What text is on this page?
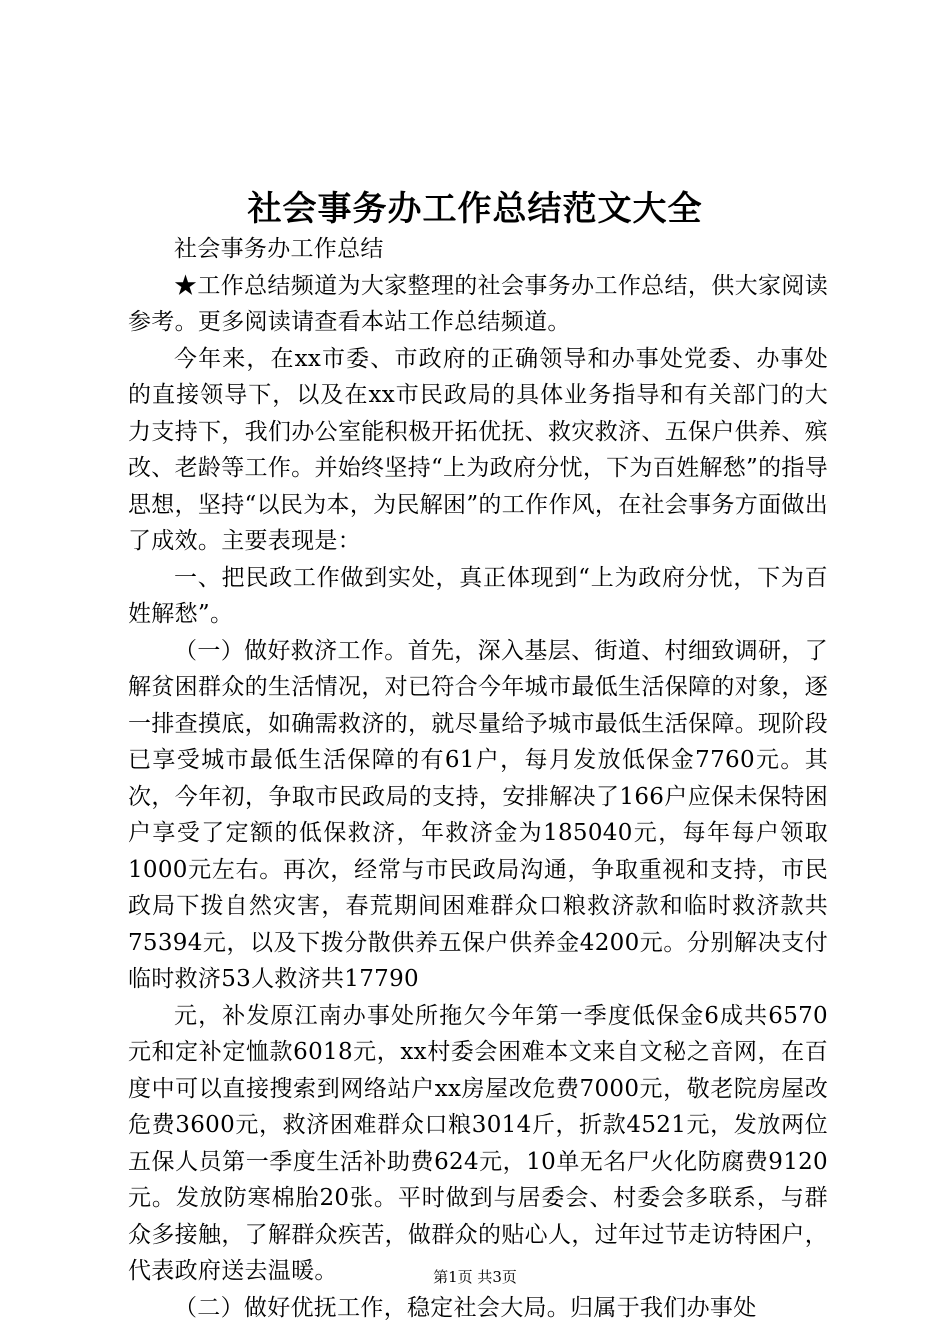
社会事务办工作总结范文大全

社会事务办工作总结

★工作总结频道为大家整理的社会事务办工作总结，供大家阅读参考。更多阅读请查看本站工作总结频道。

今年来，在xx市委、市政府的正确领导和办事处党委、办事处的直接领导下，以及在xx市民政局的具体业务指导和有关部门的大力支持下，我们办公室能积极开拓优抚、救灾救济、五保户供养、殡改、老龄等工作。并始终坚持“上为政府分忧，下为百姓解愁”的指导思想，坚持“以民为本，为民解困”的工作作风，在社会事务方面做出了成效。主要表现是：

一、把民政工作做到实处，真正体现到“上为政府分忧，下为百姓解愁”。

（一）做好救济工作。首先，深入基层、街道、村细致调研，了解贫困群众的生活情况，对已符合今年城市最低生活保障的对象，逐一排查摸底，如确需救济的，就尽量给予城市最低生活保障。现阶段已享受城市最低生活保障的有61户，每月发放低保金7760元。其次，今年初，争取市民政局的支持，安排解决了166户应保未保特困户享受了定额的低保救济，年救济金为185040元，每年每户领取1000元左右。再次，经常与市民政局沟通，争取重视和支持，市民政局下拨自然灾害，春荒期间困难群众口粮救济款和临时救济款共75394元，以及下拨分散供养五保户供养金4200元。分别解决支付临时救济53人救济共17790

元，补发原江南办事处所拖欠今年第一季度低保金6成共6570元和定补定恤款6018元，xx村委会困难本文来自文秘之音网，在百度中可以直接搜索到网络站户xx房屋改危费7000元，敬老院房屋改危费3600元，救济困难群众口粮3014斤，折款4521元，发放两位五保人员第一季度生活补助费624元，10单无名尸火化防腐费9120元。发放防寒棉胎20张。平时做到与居委会、村委会多联系，与群众多接触，了解群众疾苦，做群众的贴心人，过年过节走访特困户，代表政府送去温暖。

（二）做好优抚工作，稳定社会大局。归属于我们办事处

第1页 共3页
